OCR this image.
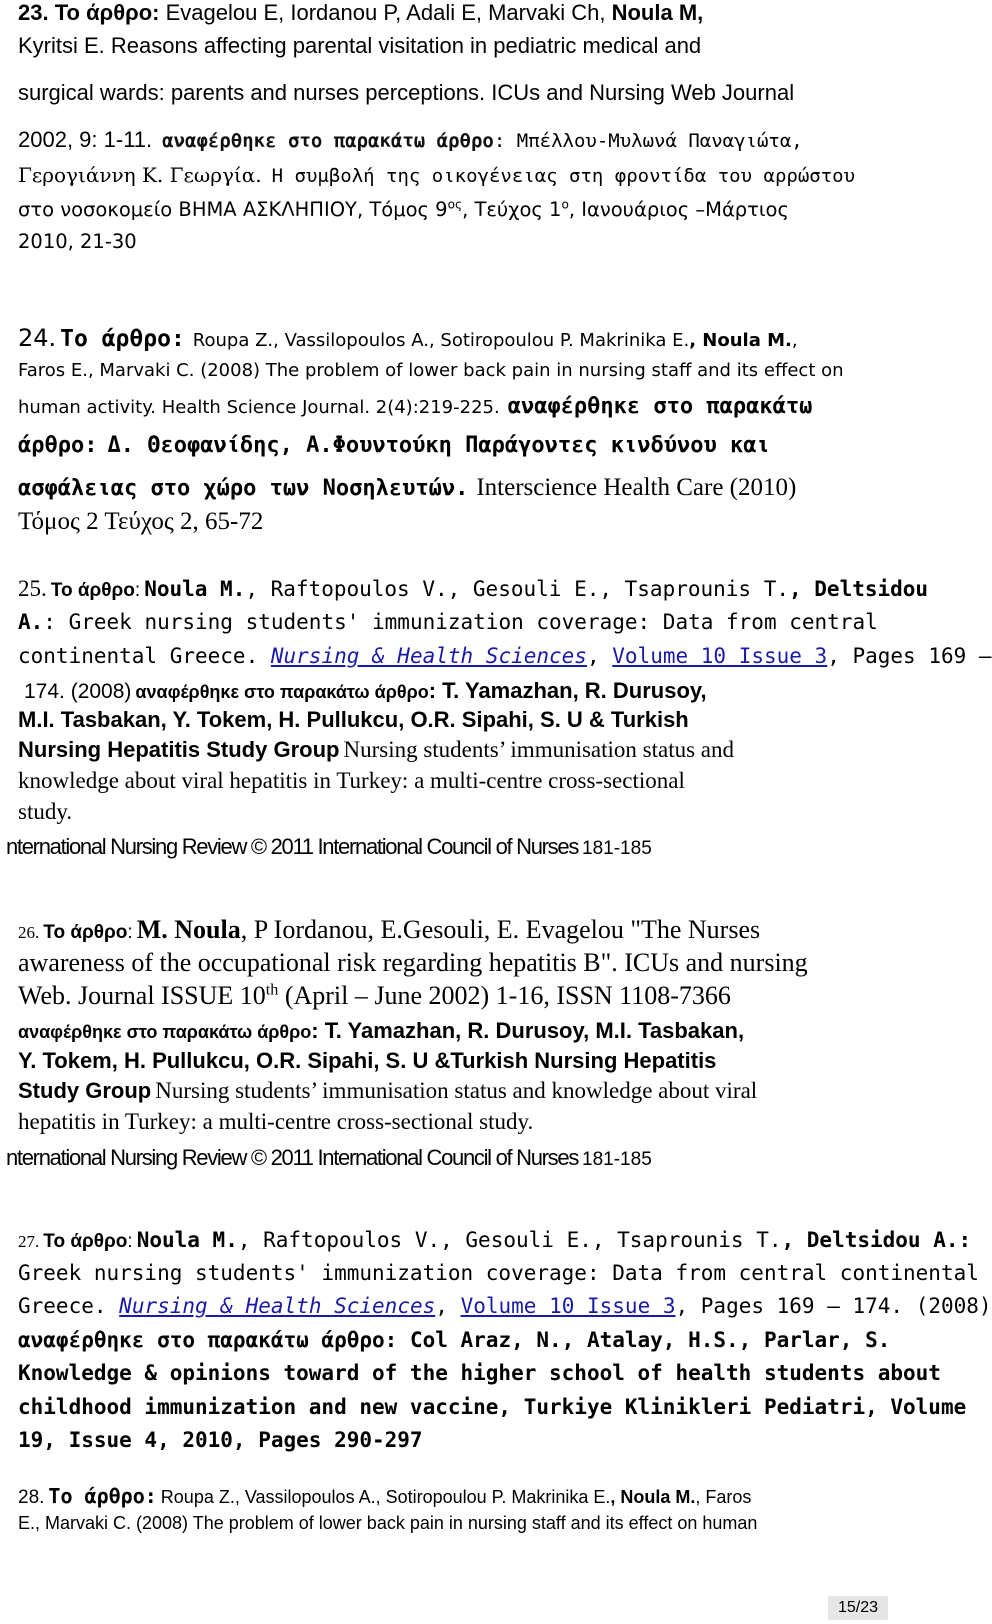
23. Το άρθρο: Evagelou E, Iordanou P, Adali E, Marvaki Ch, Noula M,
Kyritsi E. Reasons affecting parental visitation in pediatric medical and
surgical wards: parents and nurses perceptions. ICUs and Nursing Web Journal
2002, 9: 1-11. αναφέρθηκε στο παρακάτω άρθρο: Μπέλλου-Μυλωνά Παναγιώτα,
Γερογιάννη Κ. Γεωργία. Η συμβολή της οικογένειας στη φροντίδα του αρρώστου
στο νοσοκομείο ΒΗΜΑ ΑΣΚΛΗΠΙΟΥ, Τόμος $9^{o\varsigma}$, Τεύχος $1^o$, Ιανουάριος –Μάρτιος
2010, 21-30
24. Το άρθρο: Roupa Z., Vassilopoulos A., Sotiropoulou P. Makrinika E., Noula M.,
Faros E., Marvaki C. (2008) The problem of lower back pain in nursing staff and its effect on
human activity. Health Science Journal. 2(4):219-225. αναφέρθηκε στο παρακάτω
άρθρο: Δ. Θεοφανίδης, Α.Φουντούκη Παράγοντες κινδύνου και
ασφάλειας στο χώρο των Νοσηλευτών. Interscience Health Care (2010)
Τόμος 2 Τεύχος 2, 65-72
25. Το άρθρο: Noula M., Raftopoulos V., Gesouli E., Tsaprounis T., Deltsidou
A.: Greek nursing students' immunization coverage: Data from central
continental Greece. Nursing & Health Sciences, Volume 10 Issue 3, Pages 169 –
174. (2008) αναφέρθηκε στο παρακάτω άρθρο: T. Yamazhan, R. Durusoy,
M.I. Tasbakan, Y. Tokem, H. Pullukcu, O.R. Sipahi, S. U & Turkish
Nursing Hepatitis Study Group Nursing students’ immunisation status and
knowledge about viral hepatitis in Turkey: a multi-centre cross-sectional
study.
nternational Nursing Review © 2011 International Council of Nurses 181-185
26. Το άρθρο: M. Noula, P Iordanou, E.Gesouli, E. Evagelou "The Nurses
awareness of the occupational risk regarding hepatitis B". ICUs and nursing
Web. Journal ISSUE 10th (April – June 2002) 1-16, ISSN 1108-7366
αναφέρθηκε στο παρακάτω άρθρο: T. Yamazhan, R. Durusoy, M.I. Tasbakan,
Y. Tokem, H. Pullukcu, O.R. Sipahi, S. U &Turkish Nursing Hepatitis
Study Group Nursing students’ immunisation status and knowledge about viral
hepatitis in Turkey: a multi-centre cross-sectional study.
nternational Nursing Review © 2011 International Council of Nurses 181-185
27. Το άρθρο: Noula M., Raftopoulos V., Gesouli E., Tsaprounis T., Deltsidou A.:
Greek nursing students' immunization coverage: Data from central continental
Greece. Nursing & Health Sciences, Volume 10 Issue 3, Pages 169 – 174. (2008)
αναφέρθηκε στο παρακάτω άρθρο: Col Araz, N., Atalay, H.S., Parlar, S.
Knowledge & opinions toward of the higher school of health students about
childhood immunization and new vaccine, Turkiye Klinikleri Pediatri, Volume
19, Issue 4, 2010, Pages 290-297
28. Το άρθρο: Roupa Z., Vassilopoulos A., Sotiropoulou P. Makrinika E., Noula M., Faros
E., Marvaki C. (2008) The problem of lower back pain in nursing staff and its effect on human
15/23
